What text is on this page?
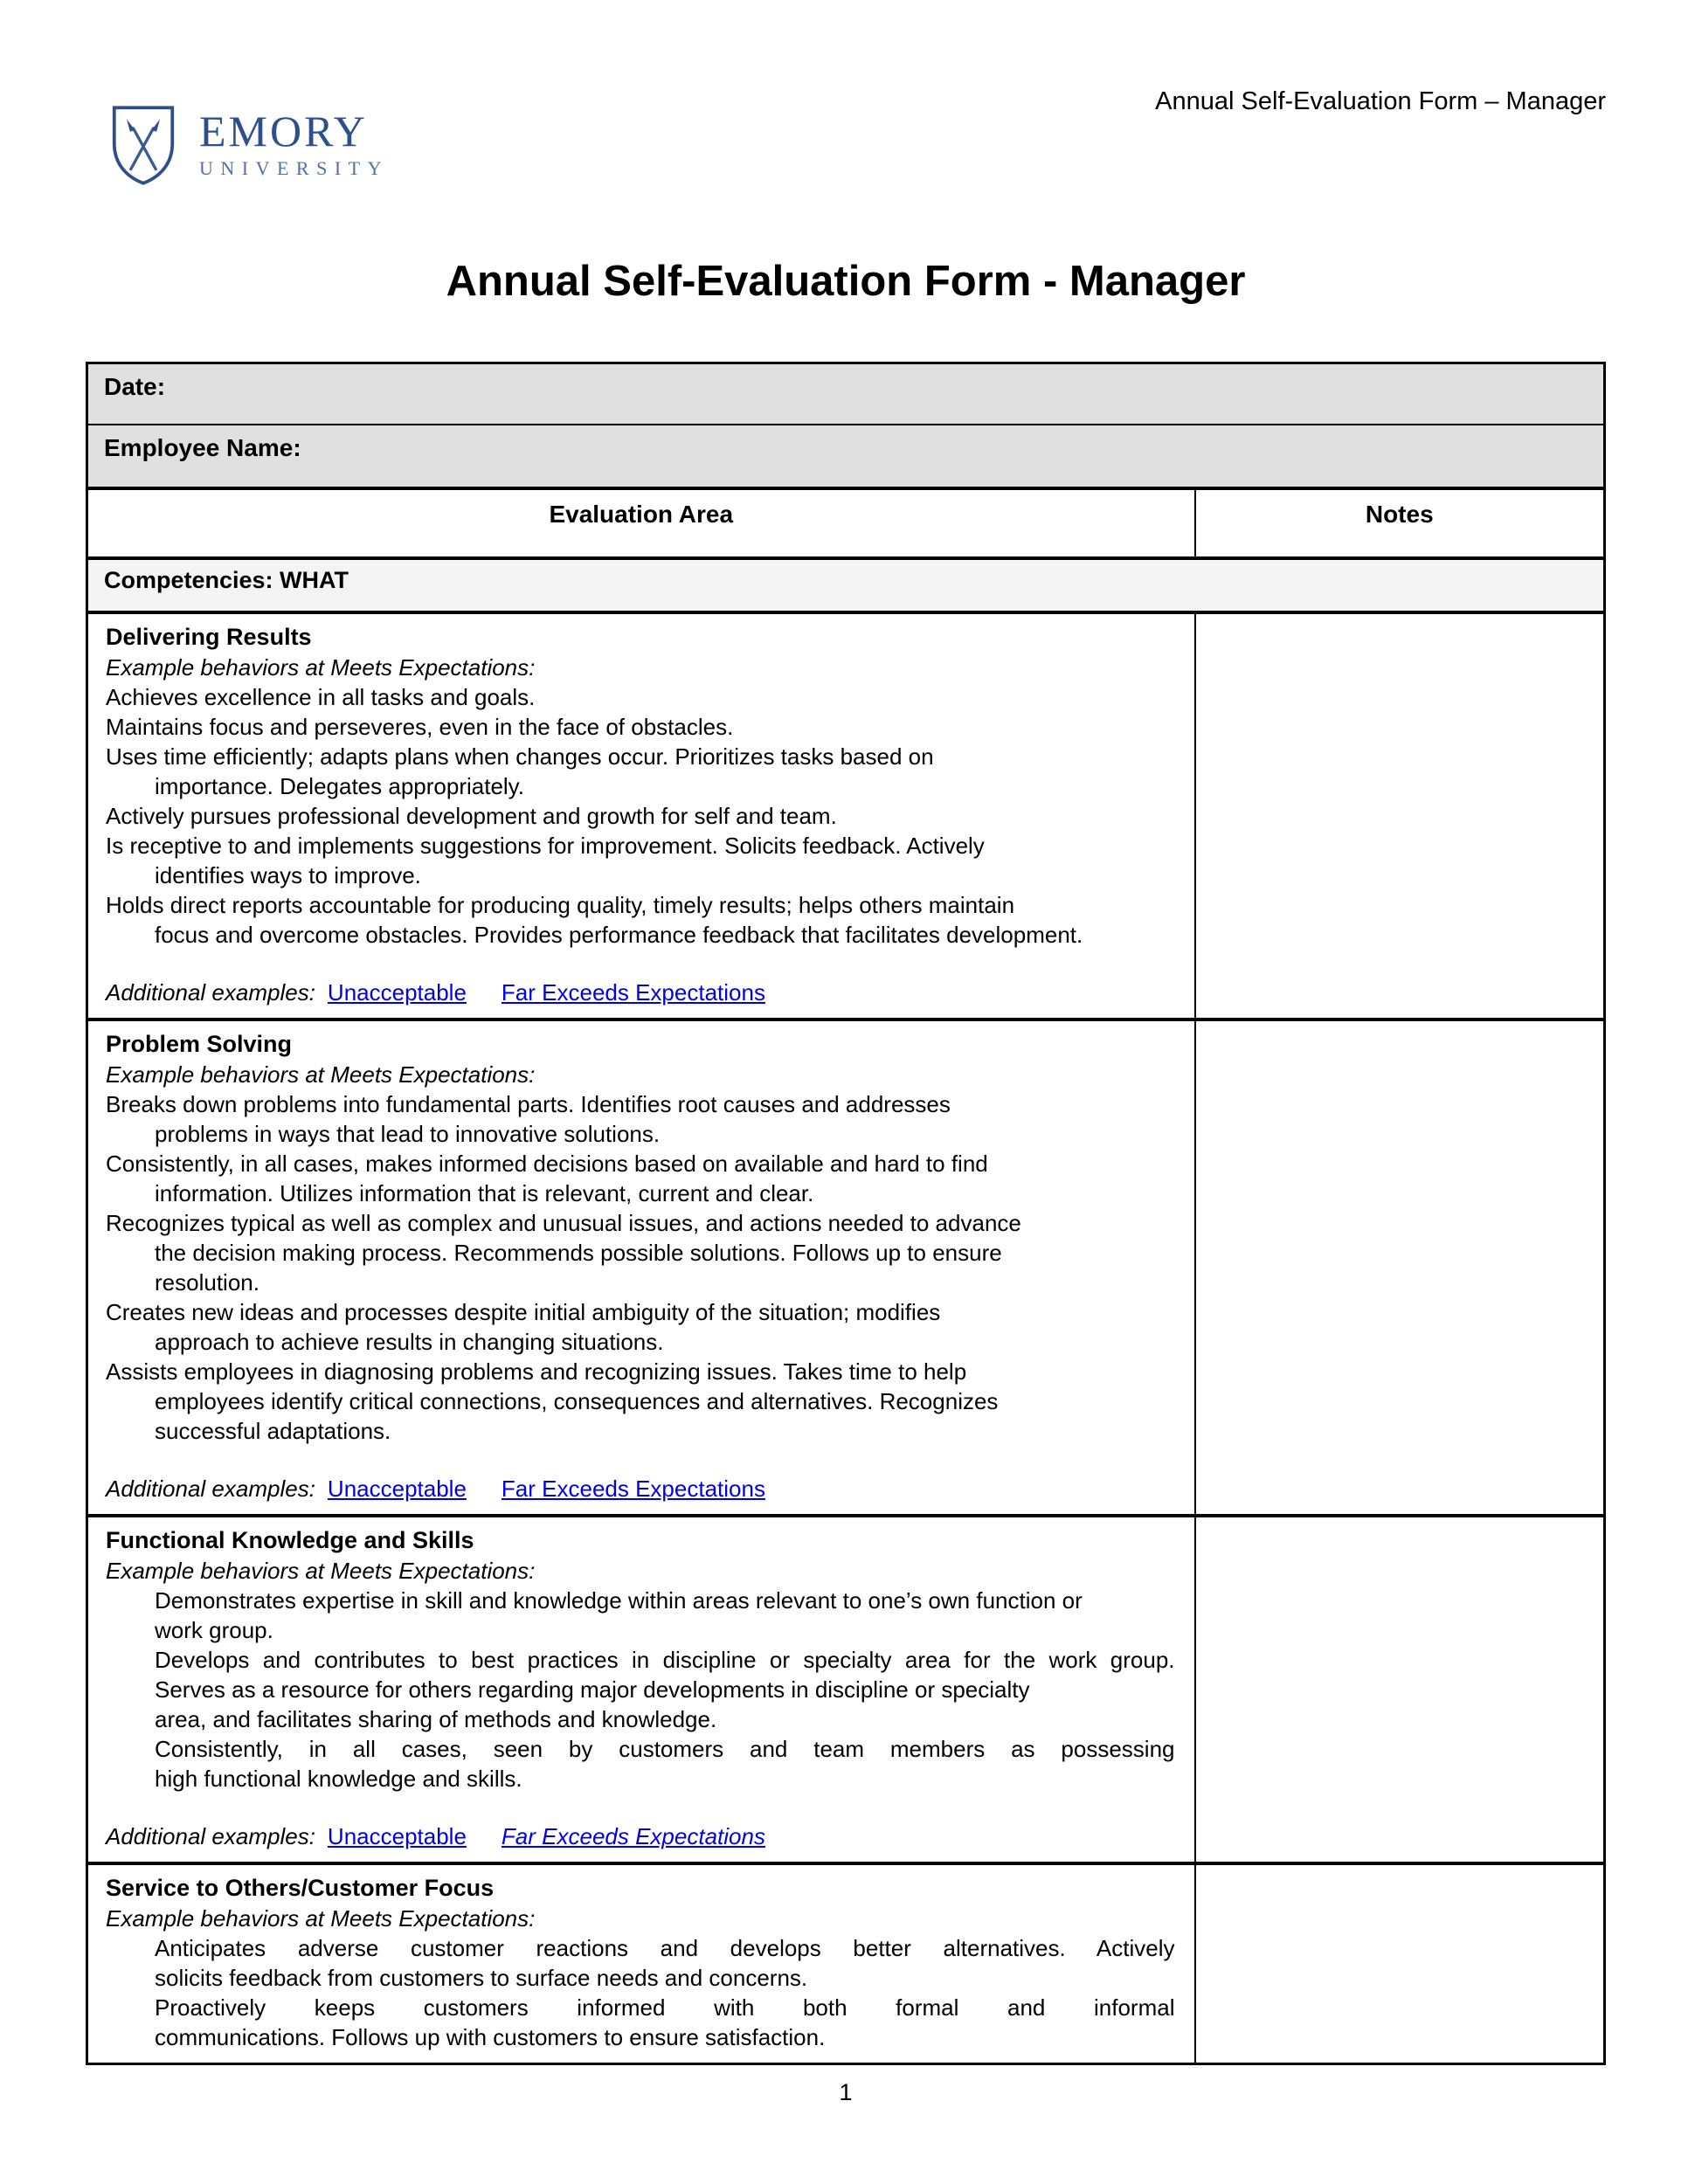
EMORY
UNIVERSITY
Annual Self-Evaluation Form – Manager
Annual Self-Evaluation Form - Manager
Date:	
Employee Name:	
Evaluation Area	Notes
Competencies: WHAT	

Delivering Results
Example behaviors at Meets Expectations:
Achieves excellence in all tasks and goals.
Maintains focus and perseveres, even in the face of obstacles.
Uses time efficiently; adapts plans when changes occur. Prioritizes tasks based on
importance. Delegates appropriately.
Actively pursues professional development and growth for self and team.
Is receptive to and implements suggestions for improvement. Solicits feedback. Actively
identifies ways to improve.
Holds direct reports accountable for producing quality, timely results; helps others maintain
focus and overcome obstacles. Provides performance feedback that facilitates development.
Additional examples: Unacceptable Far Exceeds Expectations

Problem Solving
Example behaviors at Meets Expectations:
Breaks down problems into fundamental parts. Identifies root causes and addresses
problems in ways that lead to innovative solutions.
Consistently, in all cases, makes informed decisions based on available and hard to find
information. Utilizes information that is relevant, current and clear.
Recognizes typical as well as complex and unusual issues, and actions needed to advance
the decision making process. Recommends possible solutions. Follows up to ensure
resolution.
Creates new ideas and processes despite initial ambiguity of the situation; modifies
approach to achieve results in changing situations.
Assists employees in diagnosing problems and recognizing issues. Takes time to help
employees identify critical connections, consequences and alternatives. Recognizes
successful adaptations.
Additional examples: Unacceptable Far Exceeds Expectations

Functional Knowledge and Skills
Example behaviors at Meets Expectations:
Demonstrates expertise in skill and knowledge within areas relevant to one’s own function or
work group.
Develops and contributes to best practices in discipline or specialty area for the work group.
Serves as a resource for others regarding major developments in discipline or specialty
area, and facilitates sharing of methods and knowledge.
Consistently, in all cases, seen by customers and team members as possessing
high functional knowledge and skills.
Additional examples: Unacceptable Far Exceeds Expectations

Service to Others/Customer Focus
Example behaviors at Meets Expectations:
Anticipates adverse customer reactions and develops better alternatives. Actively
solicits feedback from customers to surface needs and concerns.
Proactively keeps customers informed with both formal and informal
communications. Follows up with customers to ensure satisfaction.

1
